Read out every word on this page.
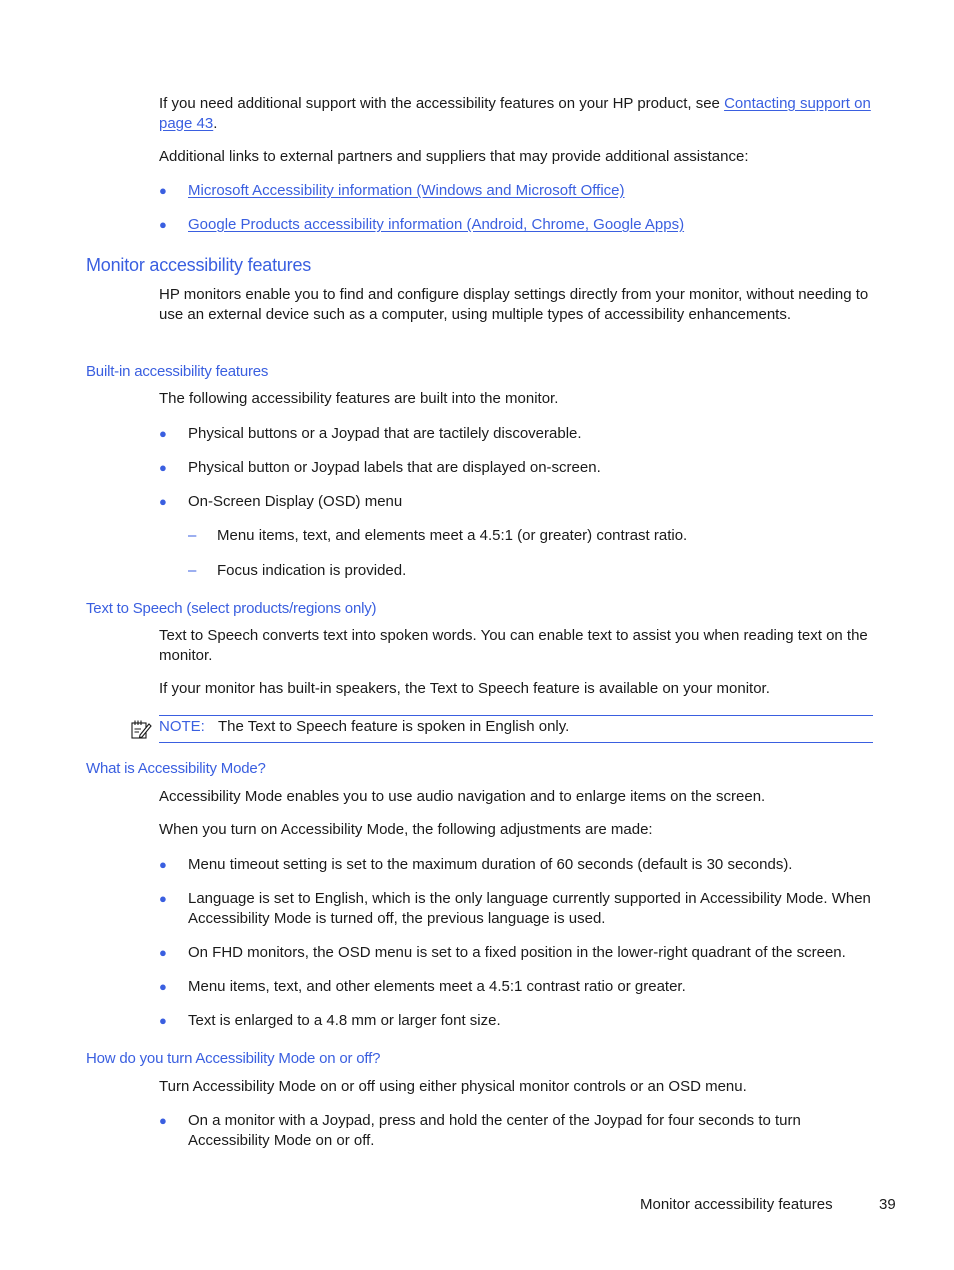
If you need additional support with the accessibility features on your HP product, see Contacting support on page 43.

Additional links to external partners and suppliers that may provide additional assistance:

● Microsoft Accessibility information (Windows and Microsoft Office)
● Google Products accessibility information (Android, Chrome, Google Apps)
Monitor accessibility features

HP monitors enable you to find and configure display settings directly from your monitor, without needing to use an external device such as a computer, using multiple types of accessibility enhancements.

Built-in accessibility features

The following accessibility features are built into the monitor.

● Physical buttons or a Joypad that are tactilely discoverable.
● Physical button or Joypad labels that are displayed on-screen.
● On-Screen Display (OSD) menu
– Menu items, text, and elements meet a 4.5:1 (or greater) contrast ratio.
– Focus indication is provided.
Text to Speech (select products/regions only)

Text to Speech converts text into spoken words. You can enable text to assist you when reading text on the monitor.

If your monitor has built-in speakers, the Text to Speech feature is available on your monitor.

NOTE: The Text to Speech feature is spoken in English only.
What is Accessibility Mode?

Accessibility Mode enables you to use audio navigation and to enlarge items on the screen.

When you turn on Accessibility Mode, the following adjustments are made:

● Menu timeout setting is set to the maximum duration of 60 seconds (default is 30 seconds).
● Language is set to English, which is the only language currently supported in Accessibility Mode. When Accessibility Mode is turned off, the previous language is used.
● On FHD monitors, the OSD menu is set to a fixed position in the lower-right quadrant of the screen.
● Menu items, text, and other elements meet a 4.5:1 contrast ratio or greater.
● Text is enlarged to a 4.8 mm or larger font size.
How do you turn Accessibility Mode on or off?

Turn Accessibility Mode on or off using either physical monitor controls or an OSD menu.

● On a monitor with a Joypad, press and hold the center of the Joypad for four seconds to turn Accessibility Mode on or off.
Monitor accessibility features	39
